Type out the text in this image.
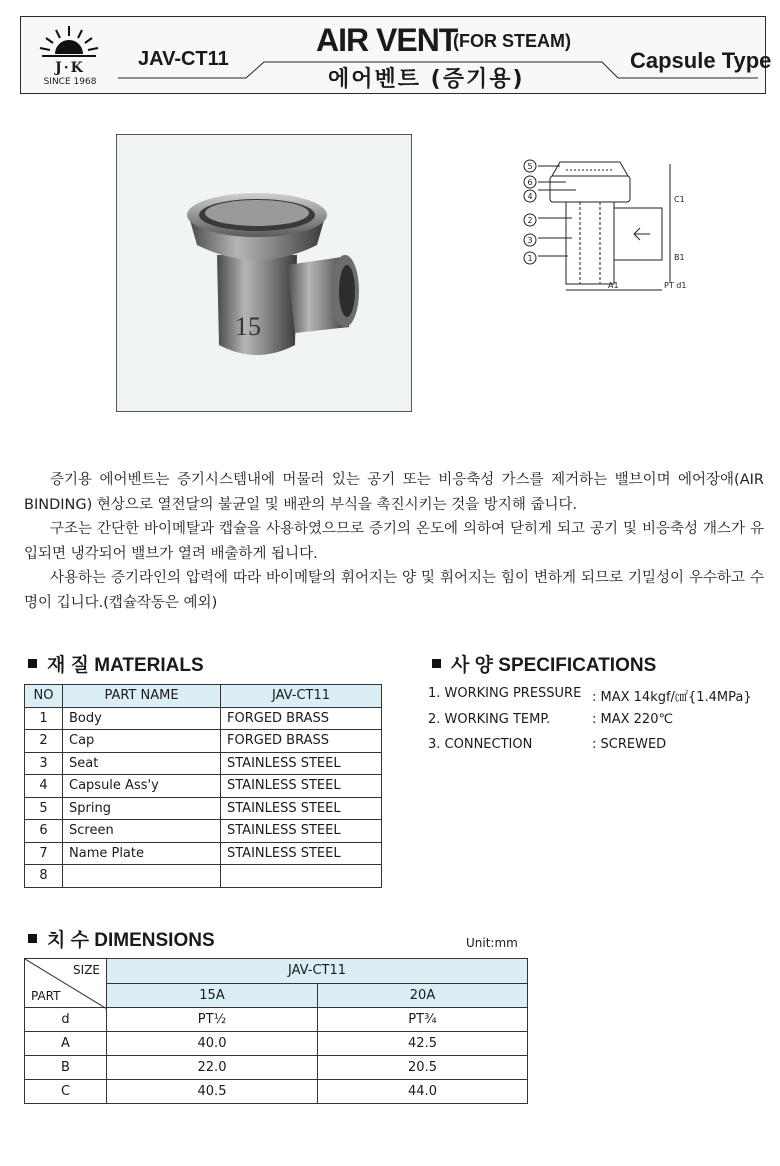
J·K
SINCE 1968
JAV-CT11
AIR VENT
(FOR STEAM)
에어벤트 (증기용)
Capsule Type
15
5
6
4
2
3
1
C1
B1
A1	PT d1

증기용 에어벤트는 증기시스템내에 머물러 있는 공기 또는 비응축성 가스를 제거하는 밸브이며 에어장애(AIR BINDING) 현상으로 열전달의 불균일 및 배관의 부식을 촉진시키는 것을 방지해 줍니다.

구조는 간단한 바이메탈과 캡슐을 사용하였으므로 증기의 온도에 의하여 닫히게 되고 공기 및 비응축성 개스가 유입되면 냉각되어 밸브가 열려 배출하게 됩니다.

사용하는 증기라인의 압력에 따라 바이메탈의 휘어지는 양 및 휘어지는 힘이 변하게 되므로 기밀성이 우수하고 수명이 깁니다.(캡슐작동은 예외)

재 질 MATERIALS
NO	PART NAME	JAV-CT11
1	Body	FORGED BRASS
2	Cap	FORGED BRASS
3	Seat	STAINLESS STEEL
4	Capsule Ass'y	STAINLESS STEEL
5	Spring	STAINLESS STEEL
6	Screen	STAINLESS STEEL
7	Name Plate	STAINLESS STEEL
8		
사 양 SPECIFICATIONS
1. WORKING PRESSURE : MAX 14kgf/㎠{1.4MPa}
2. WORKING TEMP.	: MAX 220℃
3. CONNECTION	: SCREWED
치 수 DIMENSIONS	Unit:mm
SIZE
PART	JAV-CT11	
	15A	20A
d	PT½	PT¾
A	40.0	42.5
B	22.0	20.5
C	40.5	44.0
